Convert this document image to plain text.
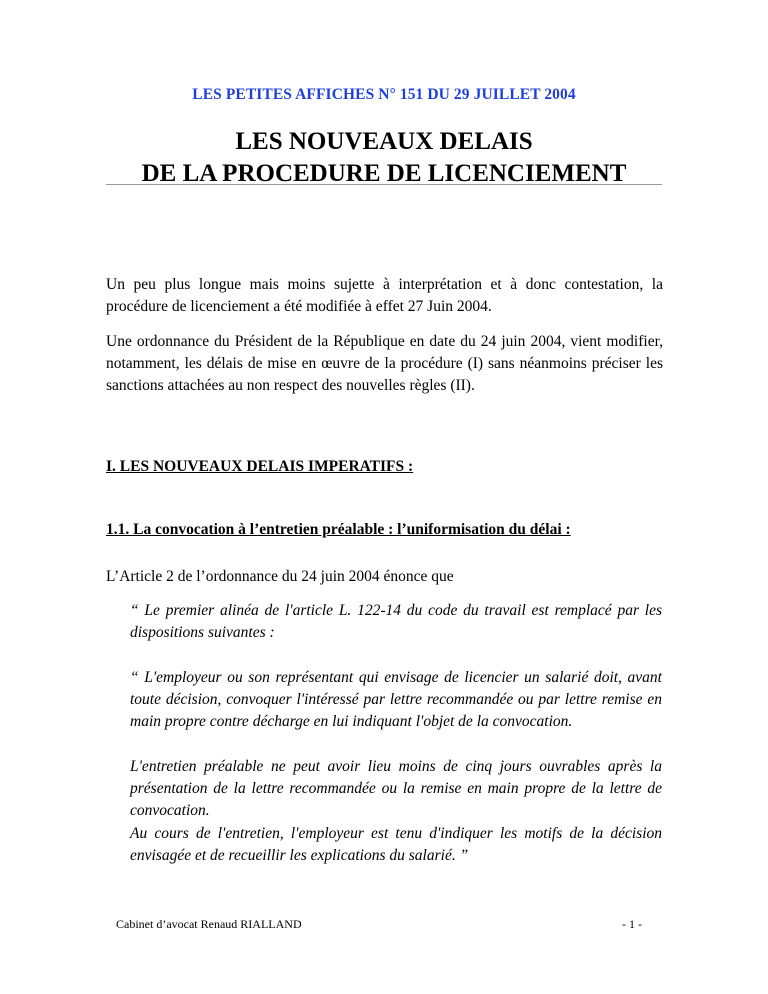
LES PETITES AFFICHES N° 151 DU 29 JUILLET 2004
LES NOUVEAUX DELAIS
DE LA PROCEDURE DE LICENCIEMENT

Un peu plus longue mais moins sujette à interprétation et à donc contestation, la procédure de licenciement a été modifiée à effet 27 Juin 2004.

Une ordonnance du Président de la République en date du 24 juin 2004, vient modifier, notamment, les délais de mise en œuvre de la procédure (I) sans néanmoins préciser les sanctions attachées au non respect des nouvelles règles (II).

I. LES NOUVEAUX DELAIS IMPERATIFS :

1.1. La convocation à l’entretien préalable : l’uniformisation du délai :

L’Article 2 de l’ordonnance du 24 juin 2004 énonce que

“ Le premier alinéa de l'article L. 122-14 du code du travail est remplacé par les dispositions suivantes :

“ L'employeur ou son représentant qui envisage de licencier un salarié doit, avant toute décision, convoquer l'intéressé par lettre recommandée ou par lettre remise en main propre contre décharge en lui indiquant l'objet de la convocation.

L'entretien préalable ne peut avoir lieu moins de cinq jours ouvrables après la présentation de la lettre recommandée ou la remise en main propre de la lettre de convocation.

Au cours de l'entretien, l'employeur est tenu d'indiquer les motifs de la décision envisagée et de recueillir les explications du salarié. ”

Cabinet d’avocat Renaud RIALLAND	- 1 -
